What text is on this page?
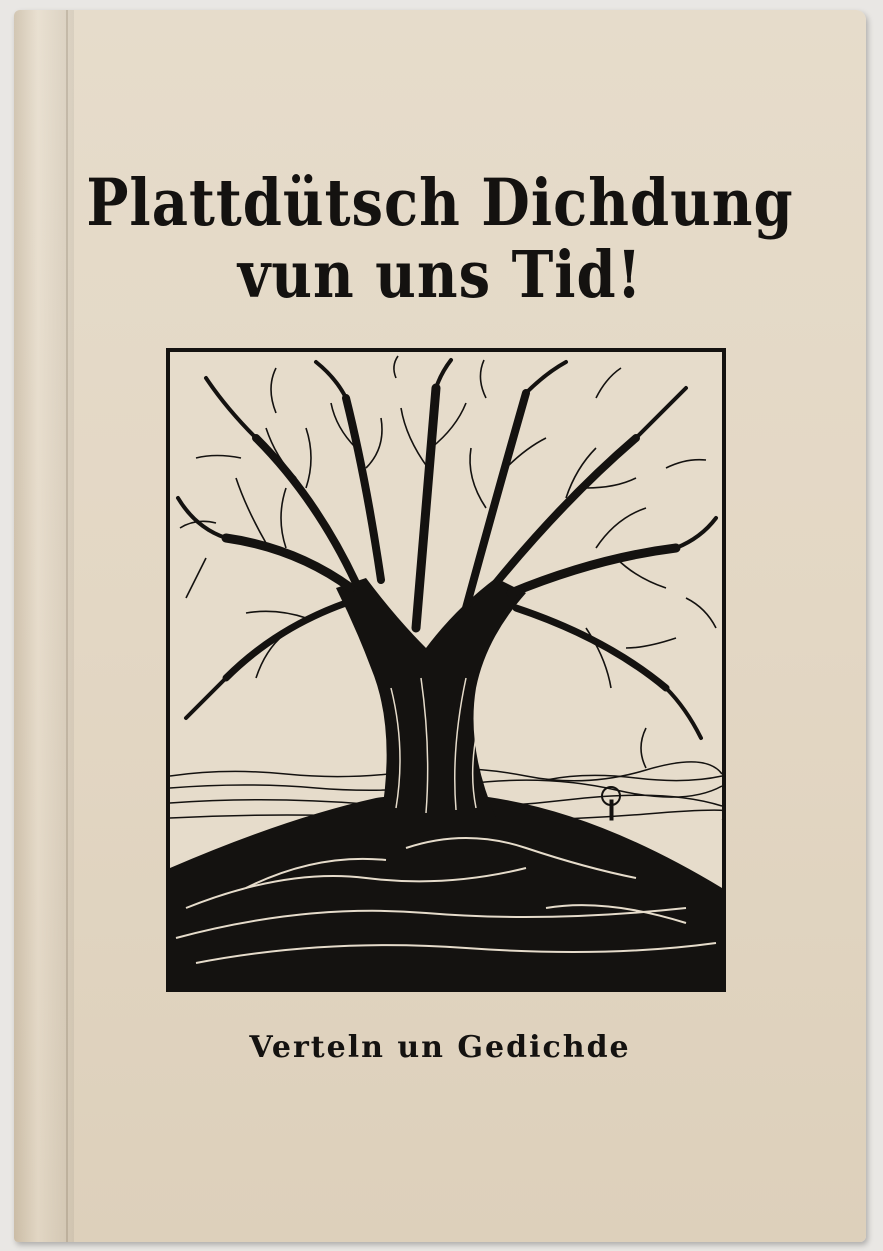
Plattdütsch Dichdung
vun uns Tid!
Verteln un Gedichde
